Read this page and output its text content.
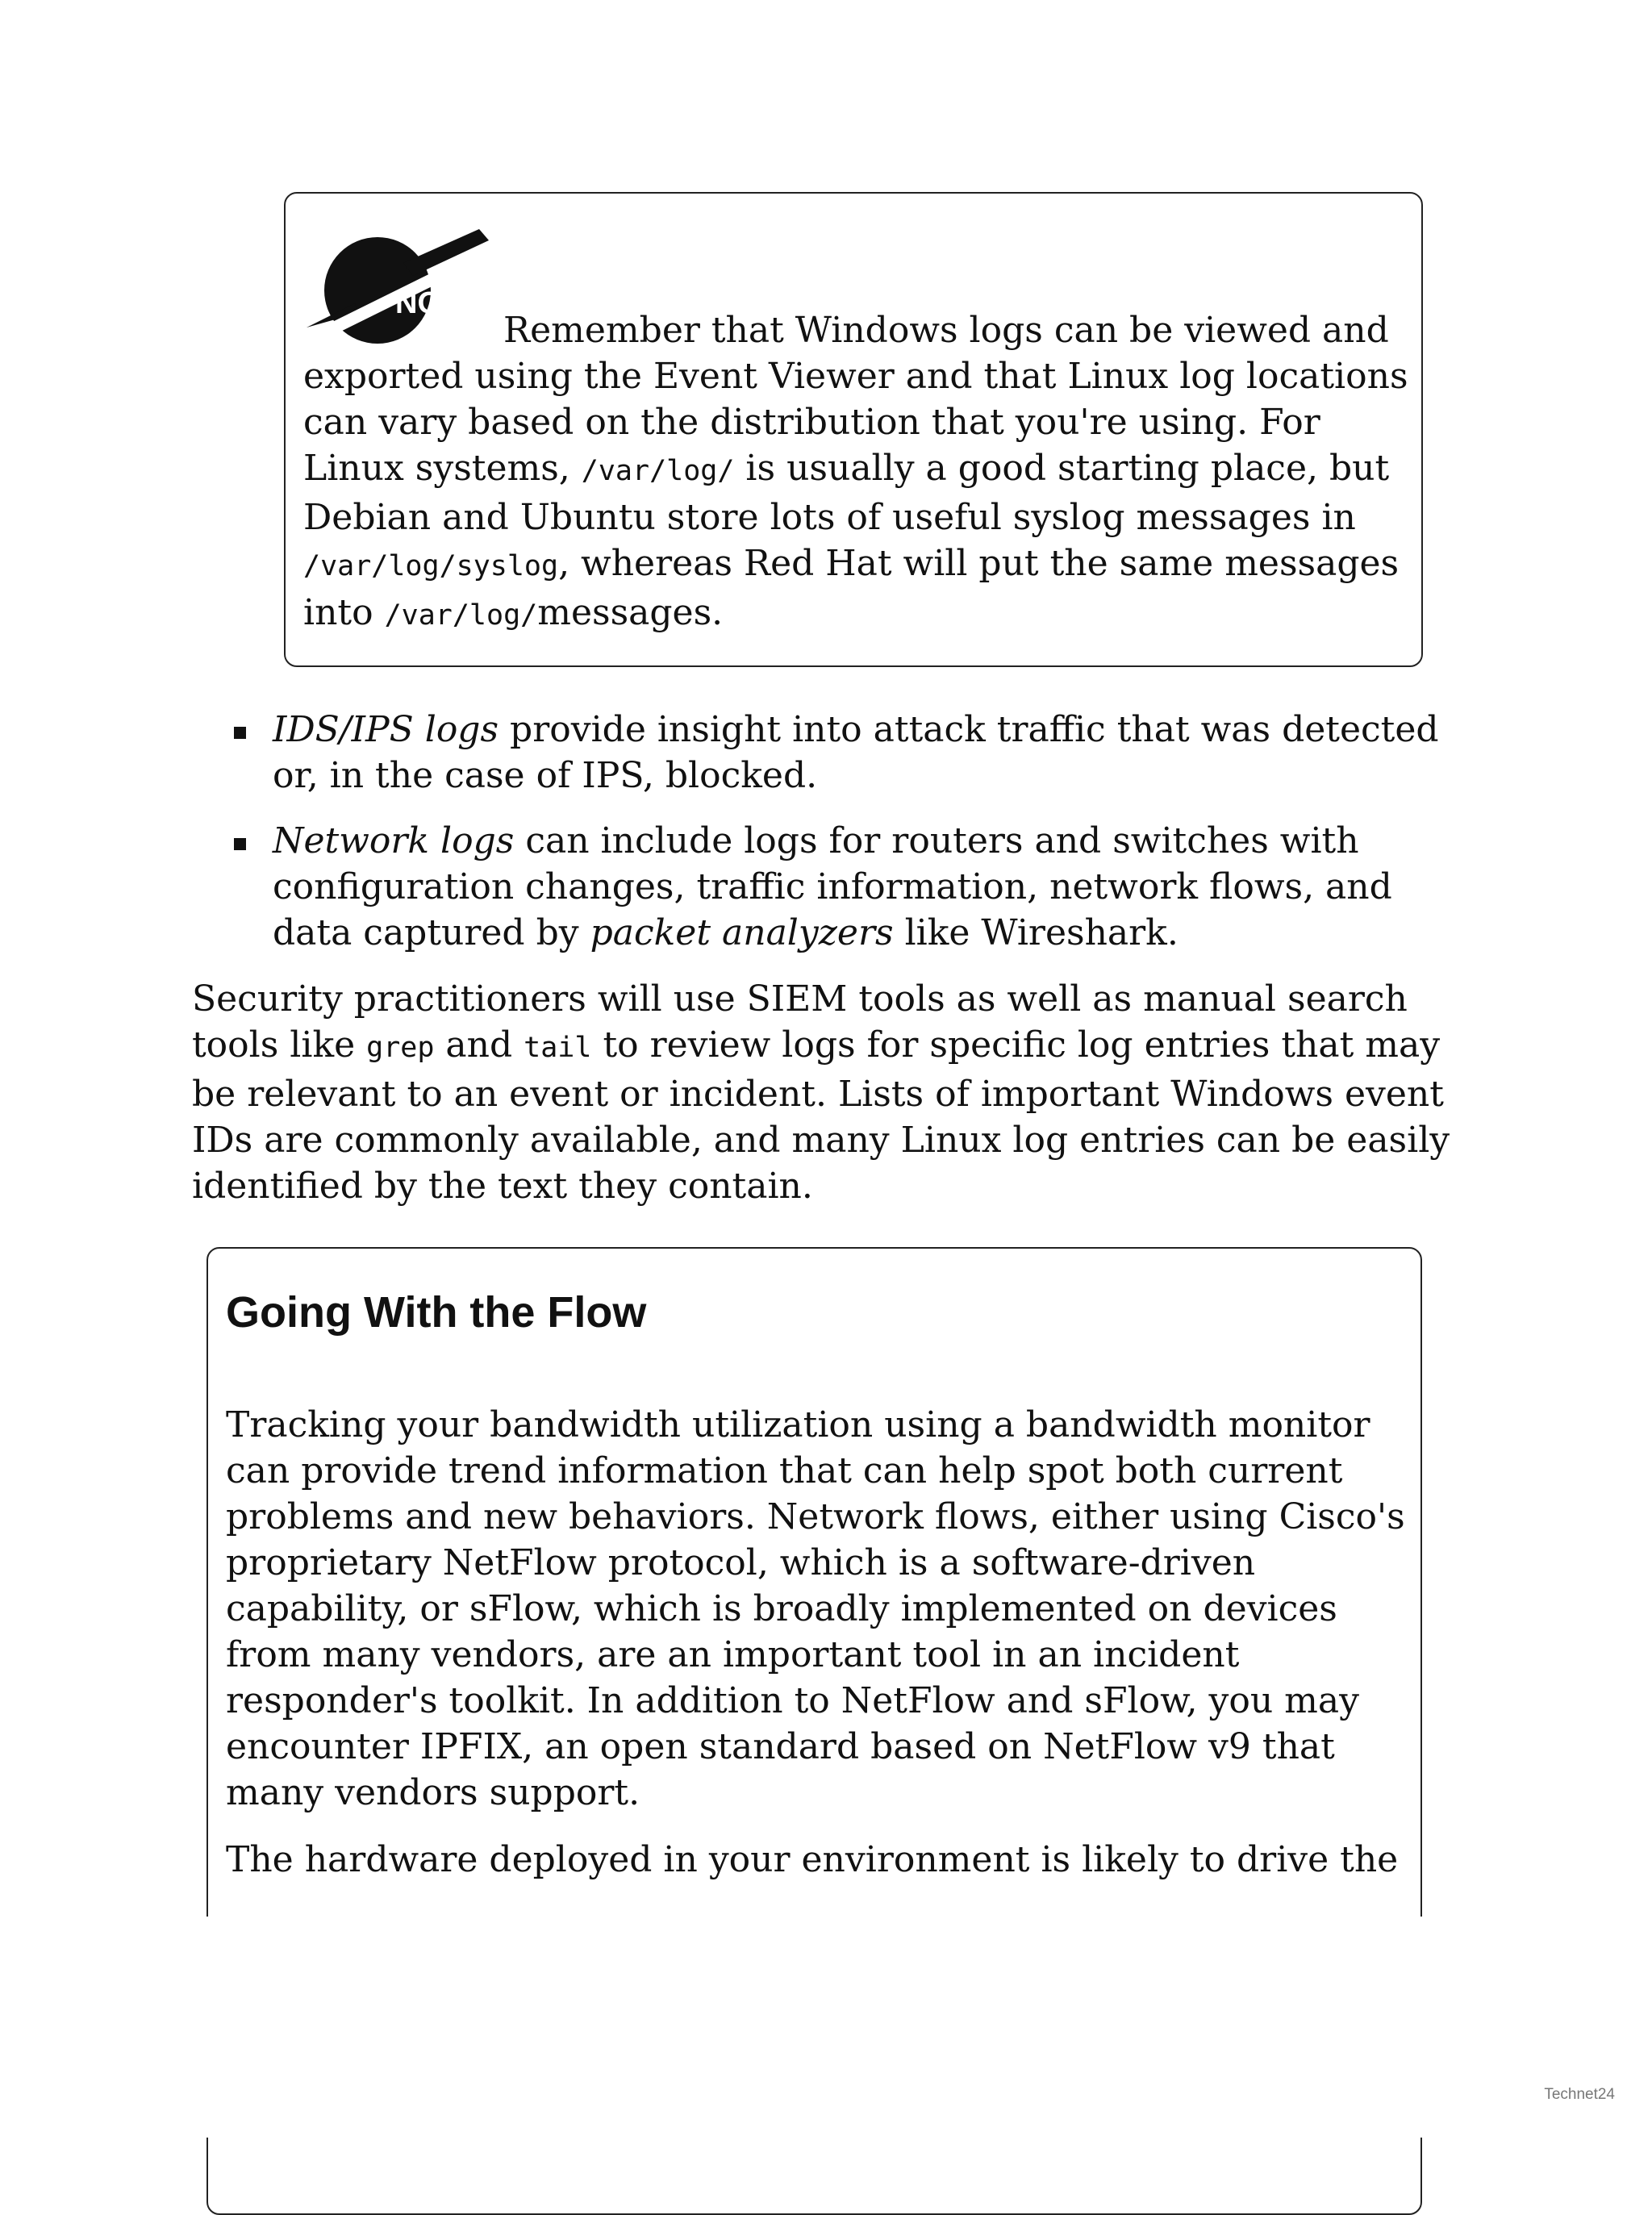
NOTE

Remember that Windows logs can be viewed and exported using the Event Viewer and that Linux log locations can vary based on the distribution that you're using. For Linux systems, /var/log/ is usually a good starting place, but Debian and Ubuntu store lots of useful syslog messages in /var/log/syslog, whereas Red Hat will put the same messages into /var/log/messages.

IDS/IPS logs provide insight into attack traffic that was detected or, in the case of IPS, blocked.
Network logs can include logs for routers and switches with configuration changes, traffic information, network flows, and data captured by packet analyzers like Wireshark.

Security practitioners will use SIEM tools as well as manual search tools like grep and tail to review logs for specific log entries that may be relevant to an event or incident. Lists of important Windows event IDs are commonly available, and many Linux log entries can be easily identified by the text they contain.

Going With the Flow

Tracking your bandwidth utilization using a bandwidth monitor can provide trend information that can help spot both current problems and new behaviors. Network flows, either using Cisco's proprietary NetFlow protocol, which is a software-driven capability, or sFlow, which is broadly implemented on devices from many vendors, are an important tool in an incident responder's toolkit. In addition to NetFlow and sFlow, you may encounter IPFIX, an open standard based on NetFlow v9 that many vendors support.

The hardware deployed in your environment is likely to drive the

Technet24
